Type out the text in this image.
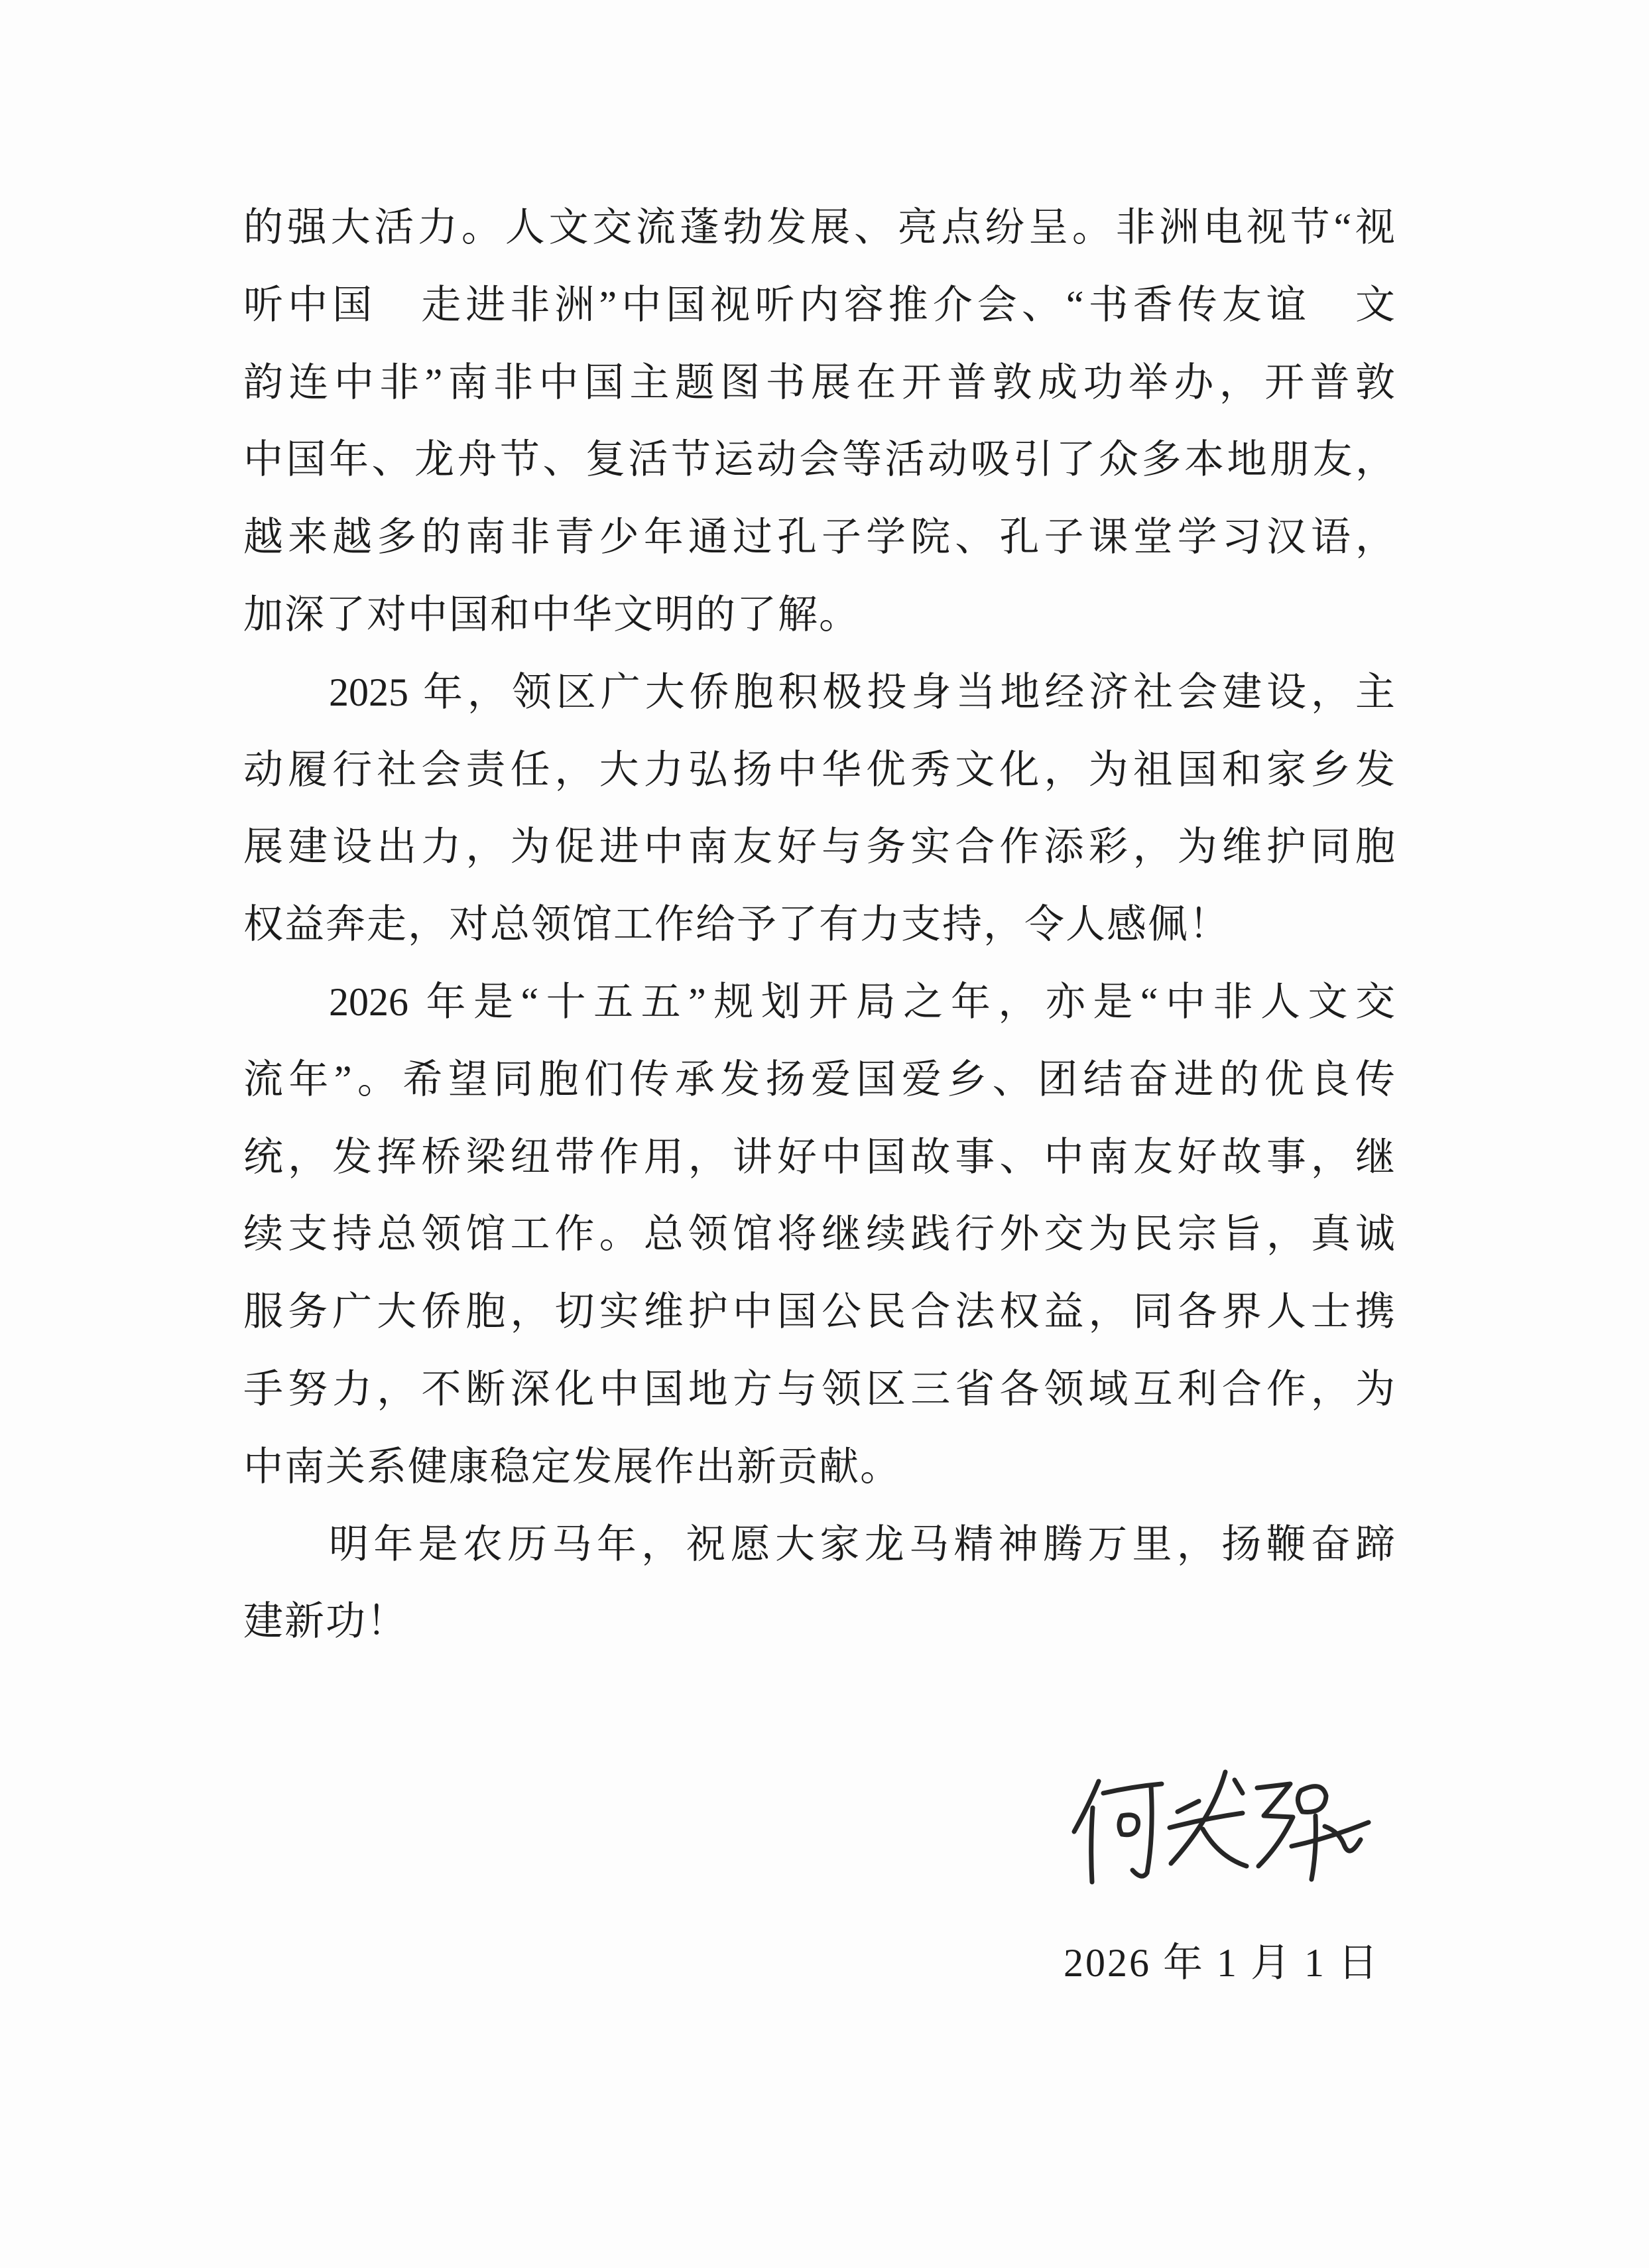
的强大活力。人文交流蓬勃发展、亮点纷呈。非洲电视节“视
听中国　走进非洲”中国视听内容推介会、“书香传友谊　文
韵连中非”南非中国主题图书展在开普敦成功举办，开普敦
中国年、龙舟节、复活节运动会等活动吸引了众多本地朋友，
越来越多的南非青少年通过孔子学院、孔子课堂学习汉语，
加深了对中国和中华文明的了解。
2025 年，领区广大侨胞积极投身当地经济社会建设，主
动履行社会责任，大力弘扬中华优秀文化，为祖国和家乡发
展建设出力，为促进中南友好与务实合作添彩，为维护同胞
权益奔走，对总领馆工作给予了有力支持，令人感佩！
2026 年是“十五五”规划开局之年，亦是“中非人文交
流年”。希望同胞们传承发扬爱国爱乡、团结奋进的优良传
统，发挥桥梁纽带作用，讲好中国故事、中南友好故事，继
续支持总领馆工作。总领馆将继续践行外交为民宗旨，真诚
服务广大侨胞，切实维护中国公民合法权益，同各界人士携
手努力，不断深化中国地方与领区三省各领域互利合作，为
中南关系健康稳定发展作出新贡献。
明年是农历马年，祝愿大家龙马精神腾万里，扬鞭奋蹄
建新功！
2026 年 1 月 1 日
